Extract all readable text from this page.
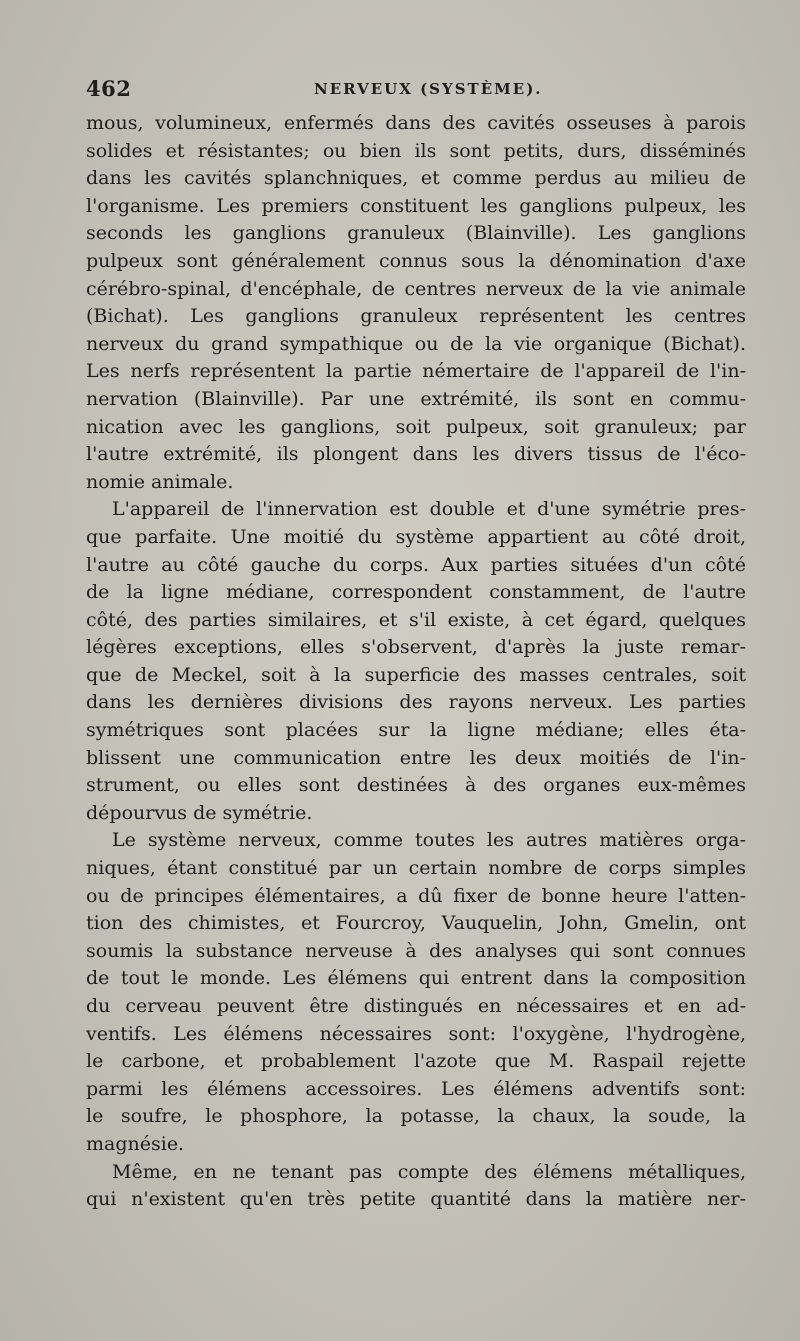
462	NERVEUX (SYSTÈME).
mous, volumineux, enfermés dans des cavités osseuses à parois
solides et résistantes; ou bien ils sont petits, durs, disséminés
dans les cavités splanchniques, et comme perdus au milieu de
l'organisme. Les premiers constituent les ganglions pulpeux, les
seconds les ganglions granuleux (Blainville). Les ganglions
pulpeux sont généralement connus sous la dénomination d'axe
cérébro-spinal, d'encéphale, de centres nerveux de la vie animale
(Bichat). Les ganglions granuleux représentent les centres
nerveux du grand sympathique ou de la vie organique (Bichat).
Les nerfs représentent la partie némertaire de l'appareil de l'in-
nervation (Blainville). Par une extrémité, ils sont en commu-
nication avec les ganglions, soit pulpeux, soit granuleux; par
l'autre extrémité, ils plongent dans les divers tissus de l'éco-
nomie animale.
L'appareil de l'innervation est double et d'une symétrie pres-
que parfaite. Une moitié du système appartient au côté droit,
l'autre au côté gauche du corps. Aux parties situées d'un côté
de la ligne médiane, correspondent constamment, de l'autre
côté, des parties similaires, et s'il existe, à cet égard, quelques
légères exceptions, elles s'observent, d'après la juste remar-
que de Meckel, soit à la superficie des masses centrales, soit
dans les dernières divisions des rayons nerveux. Les parties
symétriques sont placées sur la ligne médiane; elles éta-
blissent une communication entre les deux moitiés de l'in-
strument, ou elles sont destinées à des organes eux-mêmes
dépourvus de symétrie.
Le système nerveux, comme toutes les autres matières orga-
niques, étant constitué par un certain nombre de corps simples
ou de principes élémentaires, a dû fixer de bonne heure l'atten-
tion des chimistes, et Fourcroy, Vauquelin, John, Gmelin, ont
soumis la substance nerveuse à des analyses qui sont connues
de tout le monde. Les élémens qui entrent dans la composition
du cerveau peuvent être distingués en nécessaires et en ad-
ventifs. Les élémens nécessaires sont: l'oxygène, l'hydrogène,
le carbone, et probablement l'azote que M. Raspail rejette
parmi les élémens accessoires. Les élémens adventifs sont:
le soufre, le phosphore, la potasse, la chaux, la soude, la
magnésie.
Même, en ne tenant pas compte des élémens métalliques,
qui n'existent qu'en très petite quantité dans la matière ner-
